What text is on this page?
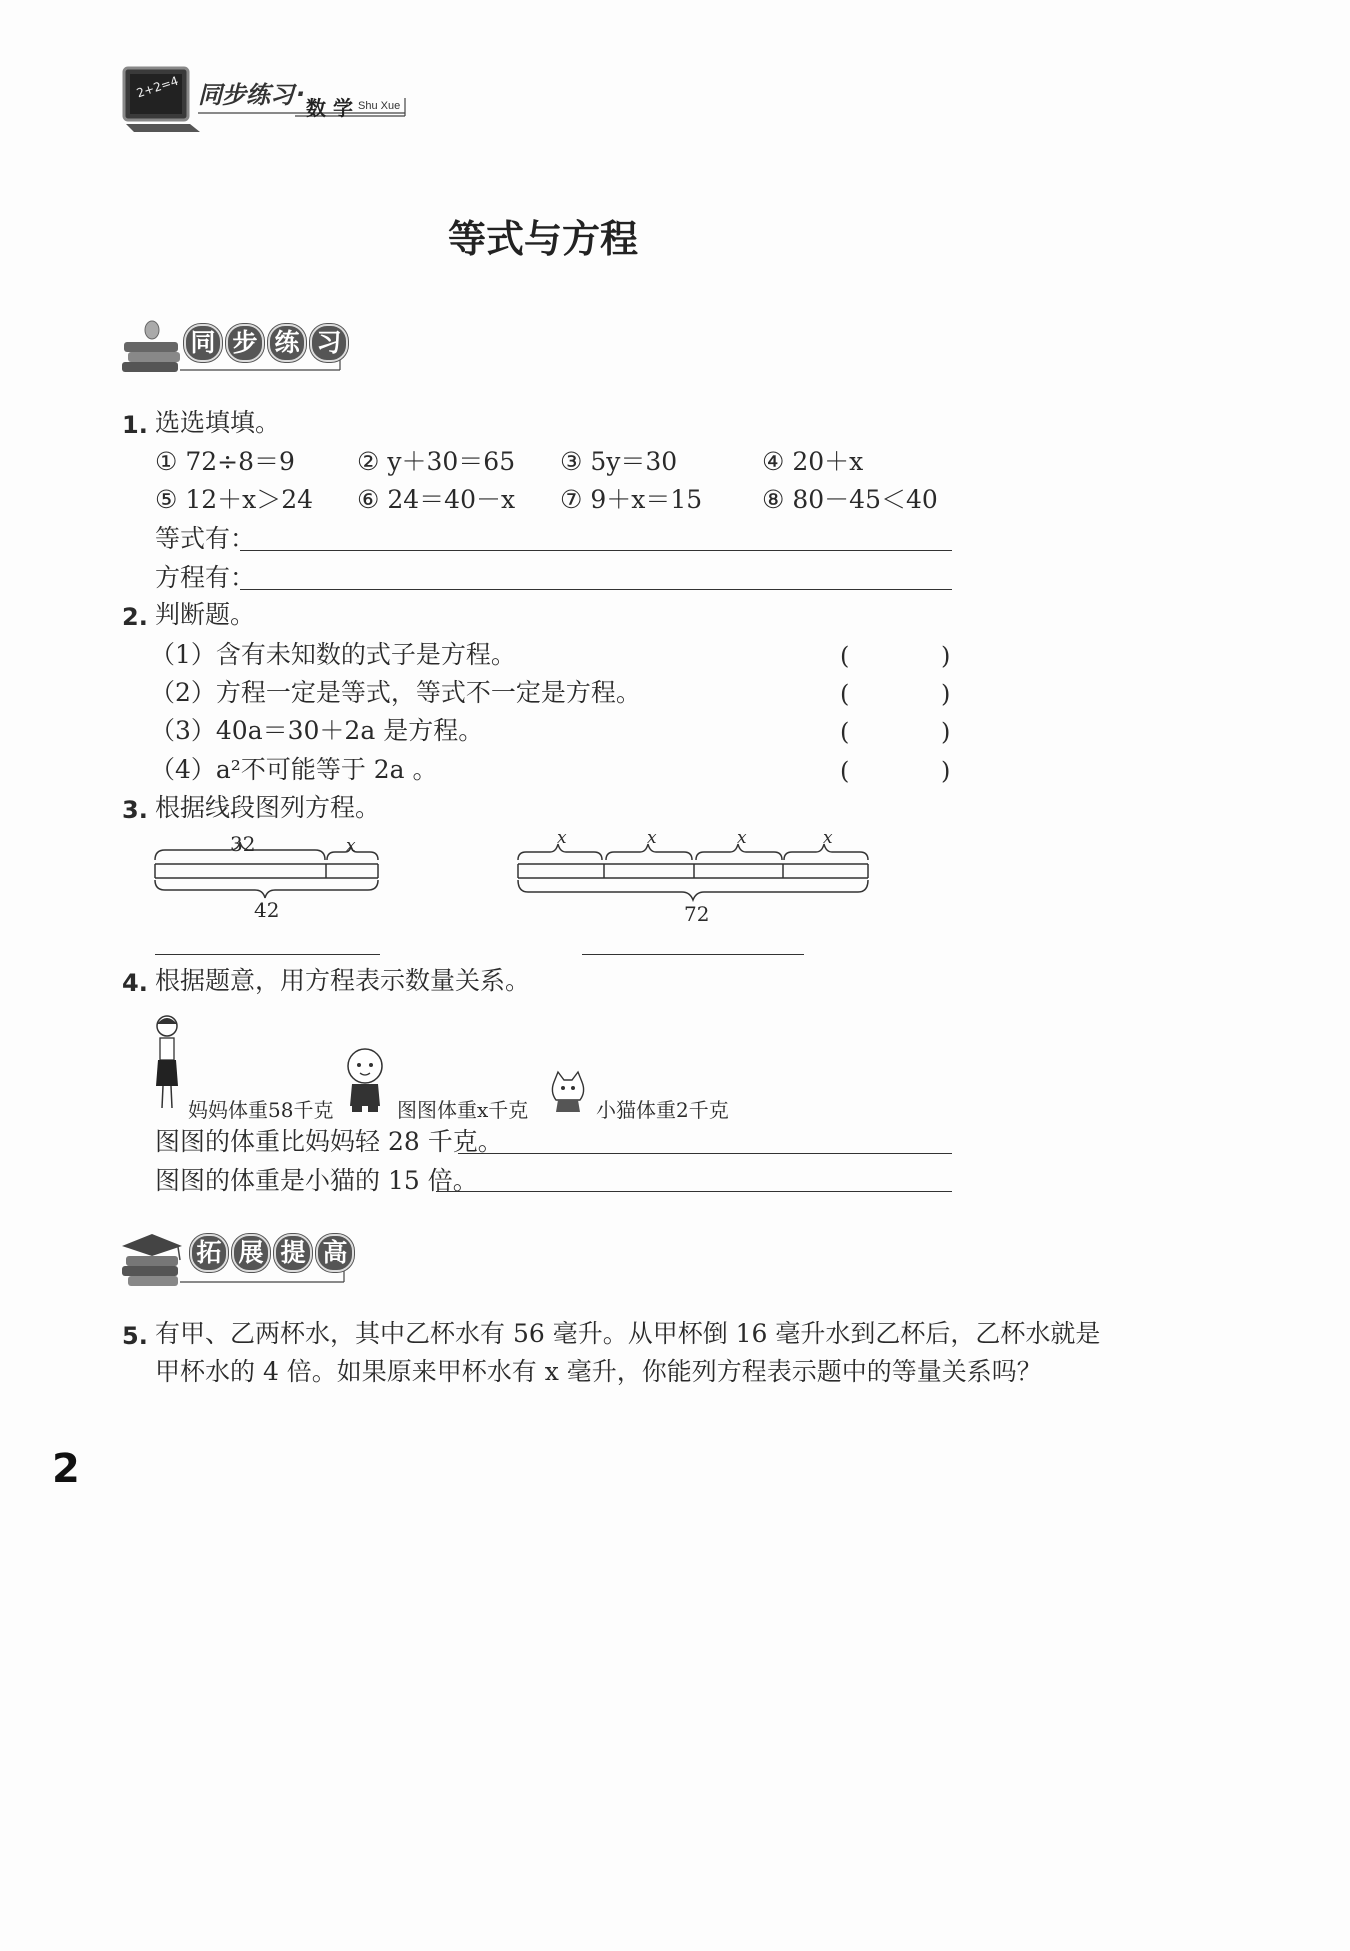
2+2=4 同步练习 · 数 学 Shu Xue
等式与方程
同 步 练 习
1. 选选填填。
① 72÷8＝9 ② y＋30＝65 ③ 5y＝30	④ 20＋x
⑤ 12＋x＞24 ⑥ 24＝40－x ⑦ 9＋x＝15 ⑧ 80－45＜40
等式有：
方程有：
2. 判断题。
（1）含有未知数的式子是方程。	(	)
（2）方程一定是等式，等式不一定是方程。	(	)
（3）40a＝30＋2a 是方程。	(	)
（4）a²不可能等于 2a 。	(	)
3. 根据线段图列方程。
32	x
42
x	x	x	x
72
4. 根据题意，用方程表示数量关系。
妈妈体重58千克	图图体重x千克	小猫体重2千克
图图的体重比妈妈轻 28 千克。
图图的体重是小猫的 15 倍。
拓 展 提 高
5. 有甲、乙两杯水，其中乙杯水有 56 毫升。从甲杯倒 16 毫升水到乙杯后，乙杯水就是
甲杯水的 4 倍。如果原来甲杯水有 x 毫升，你能列方程表示题中的等量关系吗？
2
